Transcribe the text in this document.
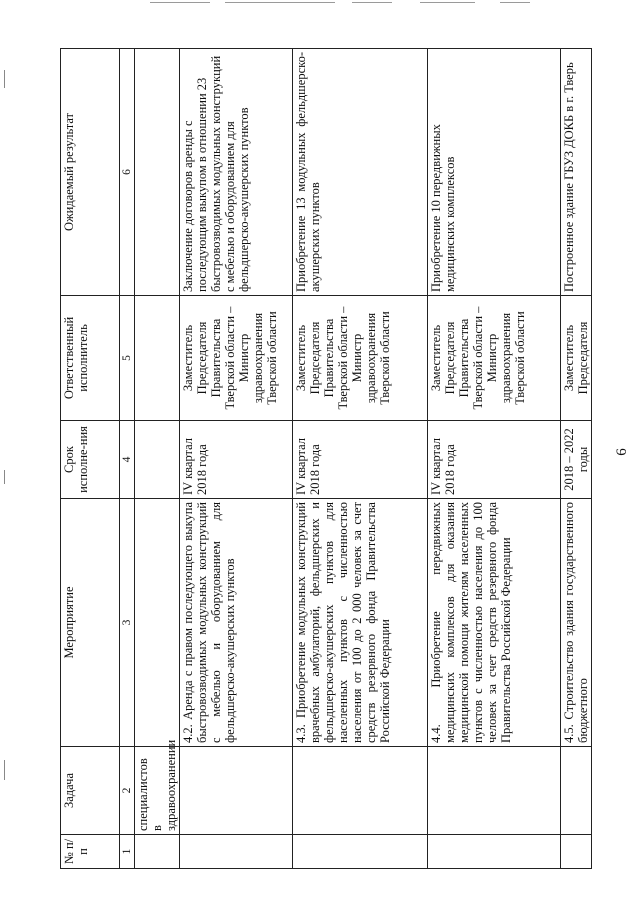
6
№ п/п	Задача	Мероприятие	Срок исполне-ния	Ответственный исполнитель	Ожидаемый результат
1	2	3	4	5	6
	специалистов в здравоохранении				
		4.2. Аренда с правом последующего выкупа быстровозводимых модульных конструкций с мебелью и оборудованием для фельдшерско-акушерских пунктов	IV квартал 2018 года	Заместитель Председателя Правительства Тверской области – Министр здравоохранения Тверской области	Заключение договоров аренды с последующим выкупом в отношении 23 быстровозводимых модульных конструкций с мебелью и оборудованием для фельдшерско-акушерских пунктов
		4.3. Приобретение модульных конструкций врачебных амбулаторий, фельдшерских и фельдшерско-акушерских пунктов для населенных пунктов с численностью населения от 100 до 2 000 человек за счет средств резервного фонда Правительства Российской Федерации	IV квартал 2018 года	Заместитель Председателя Правительства Тверской области – Министр здравоохранения Тверской области	Приобретение 13 модульных фельдшерско-акушерских пунктов
		4.4. Приобретение передвижных медицинских комплексов для оказания медицинской помощи жителям населенных пунктов с численностью населения до 100 человек за счет средств резервного фонда Правительства Российской Федерации	IV квартал 2018 года	Заместитель Председателя Правительства Тверской области – Министр здравоохранения Тверской области	Приобретение 10 передвижных медицинских комплексов
		4.5. Строительство здания государственного бюджетного	2018 – 2022 годы	Заместитель Председателя	Построенное здание ГБУЗ ДОКБ в г. Тверь
